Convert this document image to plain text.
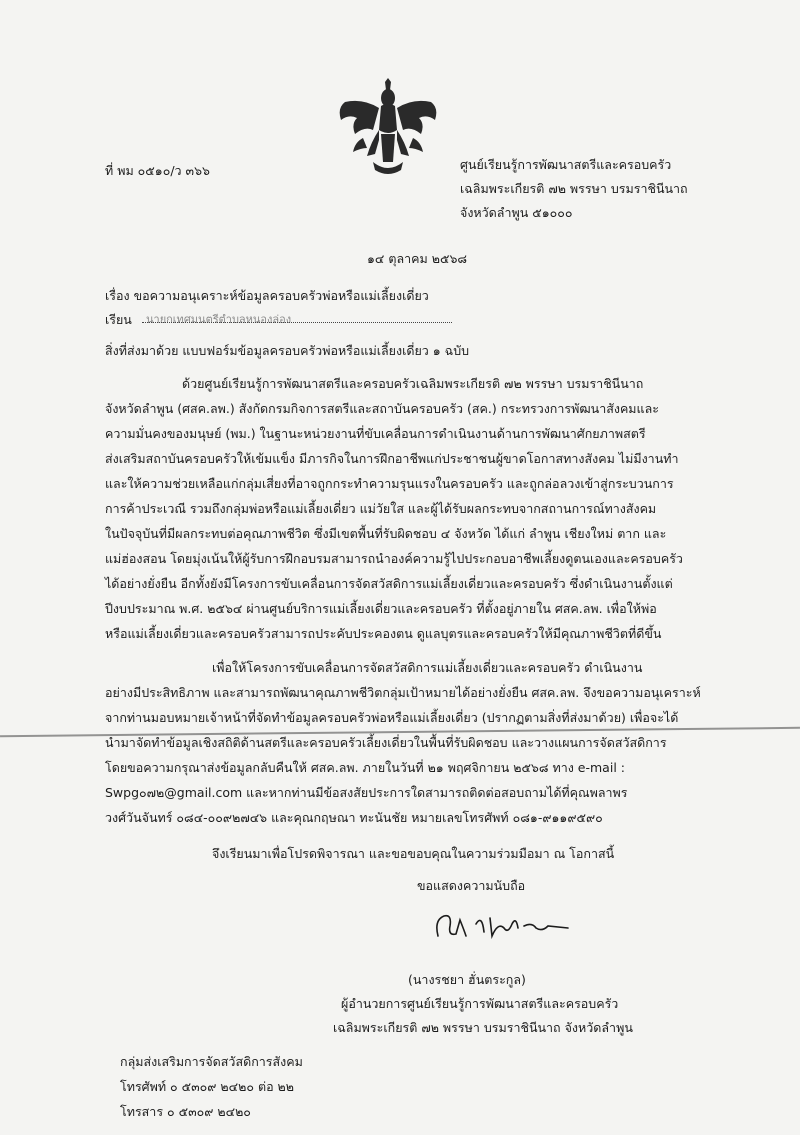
ที่ พม ๐๕๑๐/ว ๓๖๖	ศูนย์เรียนรู้การพัฒนาสตรีและครอบครัว
เฉลิมพระเกียรติ ๗๒ พรรษา บรมราชินีนาถ
จังหวัดลำพูน ๕๑๐๐๐
๑๔ ตุลาคม ๒๕๖๘
เรื่อง ขอความอนุเคราะห์ข้อมูลครอบครัวพ่อหรือแม่เลี้ยงเดี่ยว
เรียน นายกเทศมนตรีตำบลหนองล่อง
สิ่งที่ส่งมาด้วย แบบฟอร์มข้อมูลครอบครัวพ่อหรือแม่เลี้ยงเดี่ยว ๑ ฉบับ
ด้วยศูนย์เรียนรู้การพัฒนาสตรีและครอบครัวเฉลิมพระเกียรติ ๗๒ พรรษา บรมราชินีนาถ
จังหวัดลำพูน (ศสค.ลพ.) สังกัดกรมกิจการสตรีและสถาบันครอบครัว (สค.) กระทรวงการพัฒนาสังคมและ
ความมั่นคงของมนุษย์ (พม.) ในฐานะหน่วยงานที่ขับเคลื่อนการดำเนินงานด้านการพัฒนาศักยภาพสตรี
ส่งเสริมสถาบันครอบครัวให้เข้มแข็ง มีภารกิจในการฝึกอาชีพแก่ประชาชนผู้ขาดโอกาสทางสังคม ไม่มีงานทำ
และให้ความช่วยเหลือแก่กลุ่มเสี่ยงที่อาจถูกกระทำความรุนแรงในครอบครัว และถูกล่อลวงเข้าสู่กระบวนการ
การค้าประเวณี รวมถึงกลุ่มพ่อหรือแม่เลี้ยงเดี่ยว แม่วัยใส และผู้ได้รับผลกระทบจากสถานการณ์ทางสังคม
ในปัจจุบันที่มีผลกระทบต่อคุณภาพชีวิต ซึ่งมีเขตพื้นที่รับผิดชอบ ๔ จังหวัด ได้แก่ ลำพูน เชียงใหม่ ตาก และ
แม่ฮ่องสอน โดยมุ่งเน้นให้ผู้รับการฝึกอบรมสามารถนำองค์ความรู้ไปประกอบอาชีพเลี้ยงดูตนเองและครอบครัว
ได้อย่างยั่งยืน อีกทั้งยังมีโครงการขับเคลื่อนการจัดสวัสดิการแม่เลี้ยงเดี่ยวและครอบครัว ซึ่งดำเนินงานตั้งแต่
ปีงบประมาณ พ.ศ. ๒๕๖๔ ผ่านศูนย์บริการแม่เลี้ยงเดี่ยวและครอบครัว ที่ตั้งอยู่ภายใน ศสค.ลพ. เพื่อให้พ่อ
หรือแม่เลี้ยงเดี่ยวและครอบครัวสามารถประคับประคองตน ดูแลบุตรและครอบครัวให้มีคุณภาพชีวิตที่ดีขึ้น
เพื่อให้โครงการขับเคลื่อนการจัดสวัสดิการแม่เลี้ยงเดี่ยวและครอบครัว ดำเนินงาน
อย่างมีประสิทธิภาพ และสามารถพัฒนาคุณภาพชีวิตกลุ่มเป้าหมายได้อย่างยั่งยืน ศสค.ลพ. จึงขอความอนุเคราะห์
จากท่านมอบหมายเจ้าหน้าที่จัดทำข้อมูลครอบครัวพ่อหรือแม่เลี้ยงเดี่ยว (ปรากฏตามสิ่งที่ส่งมาด้วย) เพื่อจะได้
นำมาจัดทำข้อมูลเชิงสถิติด้านสตรีและครอบครัวเลี้ยงเดี่ยวในพื้นที่รับผิดชอบ และวางแผนการจัดสวัสดิการ
โดยขอความกรุณาส่งข้อมูลกลับคืนให้ ศสค.ลพ. ภายในวันที่ ๒๑ พฤศจิกายน ๒๕๖๘ ทาง e-mail :
Swpg๐๗๒@gmail.com และหากท่านมีข้อสงสัยประการใดสามารถติดต่อสอบถามได้ที่คุณพลาพร
วงศ์วันจันทร์ ๐๘๔-๐๐๙๒๗๔๖ และคุณกฤษณา ทะนันชัย หมายเลขโทรศัพท์ ๐๘๑-๙๑๑๙๕๙๐
จึงเรียนมาเพื่อโปรดพิจารณา และขอขอบคุณในความร่วมมือมา ณ โอกาสนี้
ขอแสดงความนับถือ
(นางรชยา ฮั่นตระกูล)
ผู้อำนวยการศูนย์เรียนรู้การพัฒนาสตรีและครอบครัว
เฉลิมพระเกียรติ ๗๒ พรรษา บรมราชินีนาถ จังหวัดลำพูน
กลุ่มส่งเสริมการจัดสวัสดิการสังคม
โทรศัพท์ ๐ ๕๓๐๙ ๒๔๒๐ ต่อ ๒๒
โทรสาร ๐ ๕๓๐๙ ๒๔๒๐
